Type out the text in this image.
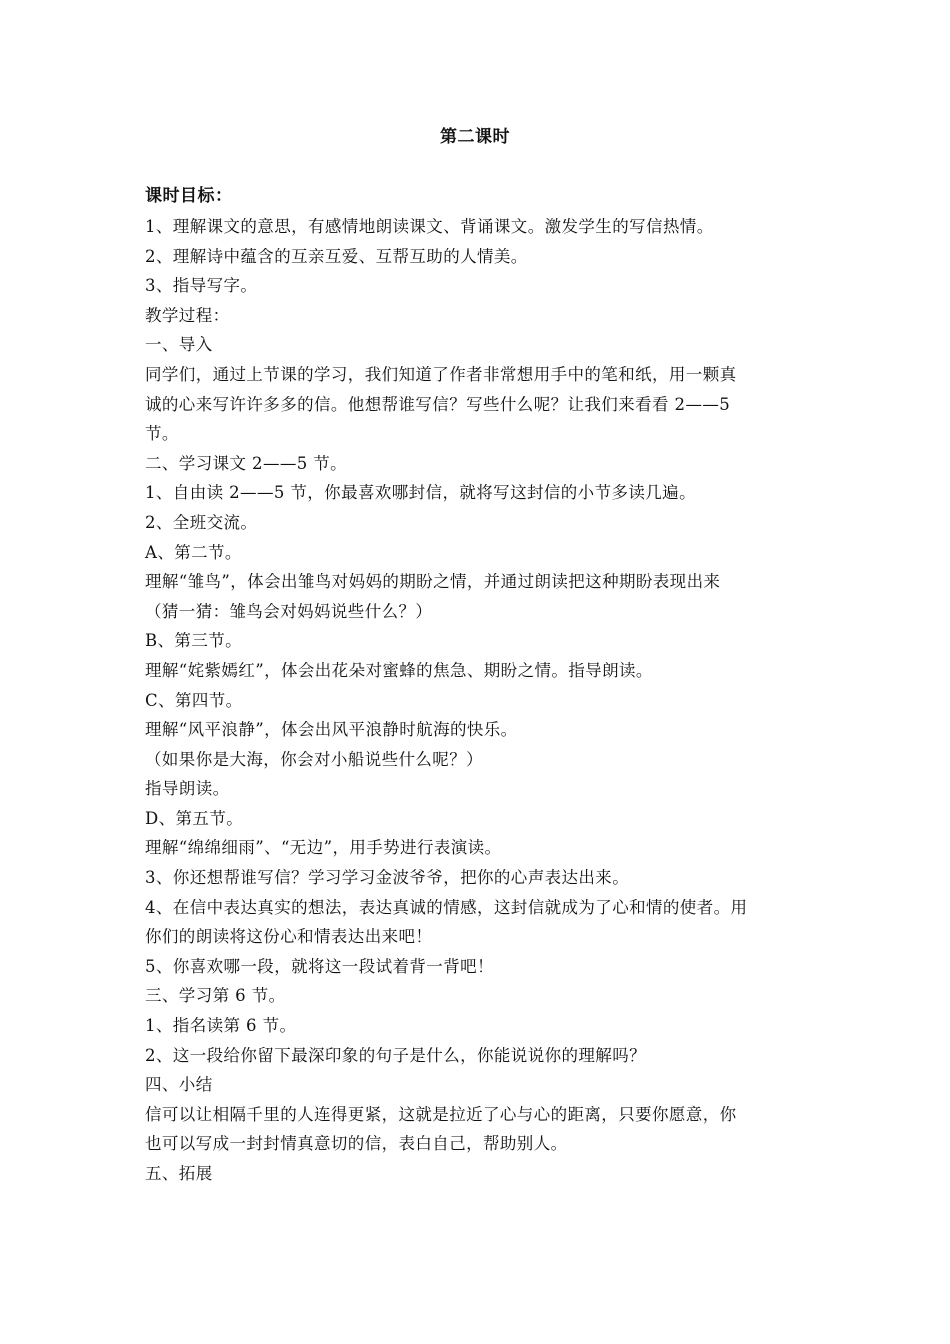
第二课时
课时目标：
1、理解课文的意思，有感情地朗读课文、背诵课文。激发学生的写信热情。
2、理解诗中蕴含的互亲互爱、互帮互助的人情美。
3、指导写字。
教学过程：
一、导入
同学们，通过上节课的学习，我们知道了作者非常想用手中的笔和纸，用一颗真
诚的心来写许许多多的信。他想帮谁写信？写些什么呢？让我们来看看 2——5
节。
二、学习课文 2——5 节。
1、自由读 2——5 节，你最喜欢哪封信，就将写这封信的小节多读几遍。
2、全班交流。
A、第二节。
理解“雏鸟”，体会出雏鸟对妈妈的期盼之情，并通过朗读把这种期盼表现出来
（猜一猜：雏鸟会对妈妈说些什么？）
B、第三节。
理解“姹紫嫣红”，体会出花朵对蜜蜂的焦急、期盼之情。指导朗读。
C、第四节。
理解“风平浪静”，体会出风平浪静时航海的快乐。
（如果你是大海，你会对小船说些什么呢？）
指导朗读。
D、第五节。
理解“绵绵细雨”、“无边”，用手势进行表演读。
3、你还想帮谁写信？学习学习金波爷爷，把你的心声表达出来。
4、在信中表达真实的想法，表达真诚的情感，这封信就成为了心和情的使者。用
你们的朗读将这份心和情表达出来吧！
5、你喜欢哪一段，就将这一段试着背一背吧！
三、学习第 6 节。
1、指名读第 6 节。
2、这一段给你留下最深印象的句子是什么，你能说说你的理解吗？
四、小结
信可以让相隔千里的人连得更紧，这就是拉近了心与心的距离，只要你愿意，你
也可以写成一封封情真意切的信，表白自己，帮助别人。
五、拓展
